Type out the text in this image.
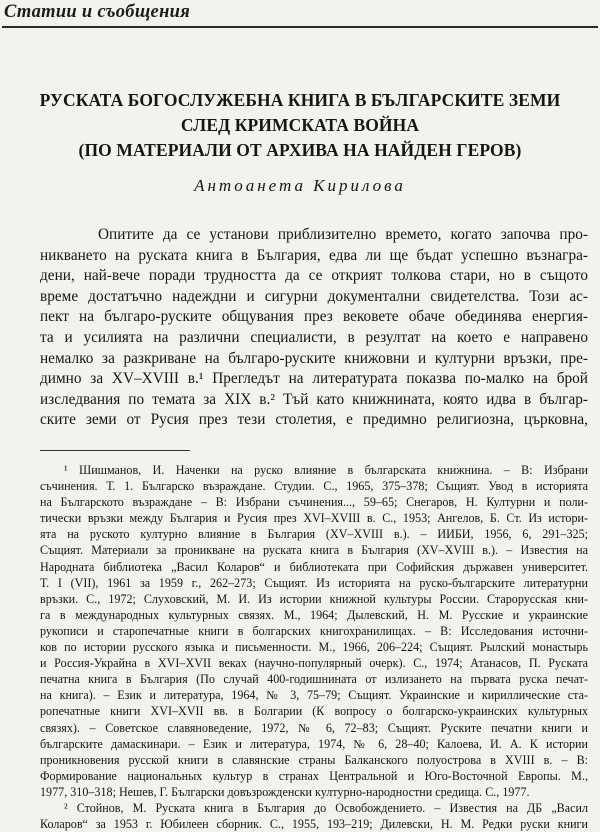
Статии и съобщения
РУСКАТА БОГОСЛУЖЕБНА КНИГА В БЪЛГАРСКИТЕ ЗЕМИ
СЛЕД КРИМСКАТА ВОЙНА
(ПО МАТЕРИАЛИ ОТ АРХИВА НА НАЙДЕН ГЕРОВ)
Антоанета Кирилова
Опитите да се установи приблизително времето, когато започва про-
никването на руската книга в България, едва ли ще бъдат успешно възнагра-
дени, най-вече поради трудността да се открият толкова стари, но в същото
време достатъчно надеждни и сигурни документални свидетелства. Този ас-
пект на българо-руските общувания през вековете обаче обединява енергия-
та и усилията на различни специалисти, в резултат на което е направено
немалко за разкриване на българо-руските книжовни и културни връзки, пре-
димно за XV–XVIII в.¹ Прегледът на литературата показва по-малко на брой
изследвания по темата за XIX в.² Тъй като книжнината, която идва в българ-
ските земи от Русия през тези столетия, е предимно религиозна, църковна,
¹ Шишманов, И. Наченки на руско влияние в българската книжнина. – В: Избрани
съчинения. Т. 1. Българско възраждане. Студии. С., 1965, 375–378; Същият. Увод в историята
на Българското възраждане – В: Избрани съчинения..., 59–65; Снегаров, Н. Културни и поли-
тически връзки между България и Русия през XVI–XVIII в. С., 1953; Ангелов, Б. Ст. Из истори-
ята на руското културно влияние в България (XV–XVIII в.). – ИИБИ, 1956, 6, 291–325;
Същият. Материали за проникване на руската книга в България (XV–XVIII в.). – Известия на
Народната библиотека „Васил Коларов“ и библиотеката при Софийския държавен университет.
Т. I (VII), 1961 за 1959 г., 262–273; Същият. Из историята на руско-българските литературни
връзки. С., 1972; Слуховский, М. И. Из истории книжной культуры России. Старорусская кни-
га в международных культурных связях. М., 1964; Дылевский, Н. М. Русские и украинские
рукописи и старопечатные книги в болгарских книгохранилищах. – В: Исследования источни-
ков по истории русского языка и письменности. М., 1966, 206–224; Същият. Рылский монастырь
и Россия-Украйна в XVI–XVII веках (научно-популярный очерк). С., 1974; Атанасов, П. Руската
печатна книга в България (По случай 400-годишнината от излизането на първата руска печат-
на книга). – Език и литература, 1964, № 3, 75–79; Същият. Украинские и кириллические ста-
ропечатные книги XVI–XVII вв. в Болгарии (К вопросу о болгарско-украинских культурных
связях). – Советское славяноведение, 1972, № 6, 72–83; Същият. Руските печатни книги и
българските дамаскинари. – Език и литература, 1974, № 6, 28–40; Калоева, И. А. К истории
проникновения русской книги в славянские страны Балканского полуострова в XVIII в. – В:
Формирование национальных культур в странах Центральной и Юго-Восточной Европы. М.,
1977, 310–318; Нешев, Г. Български довъзрожденски културно-народностни средища. С., 1977.
² Стойнов, М. Руската книга в България до Освобождението. – Известия на ДБ „Васил
Коларов“ за 1953 г. Юбилеен сборник. С., 1955, 193–219; Дилевски, Н. М. Редки руски книги
